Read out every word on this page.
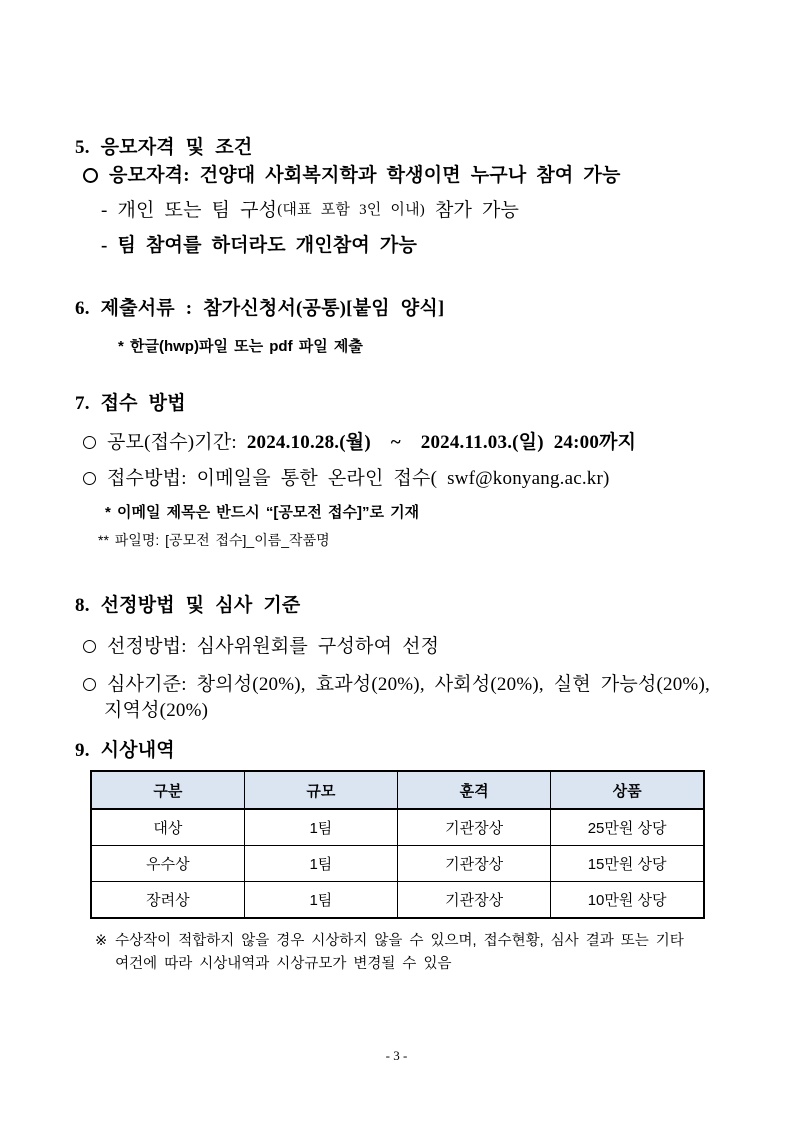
5. 응모자격 및 조건
응모자격: 건양대 사회복지학과 학생이면 누구나 참여 가능
- 개인 또는 팀 구성 (대표 포함 3인 이내) 참가 가능
- 팀 참여를 하더라도 개인참여 가능
6. 제출서류 : 참가신청서(공통)[붙임 양식]
* 한글(hwp)파일 또는 pdf 파일 제출
7. 접수 방법
공모(접수)기간: 2024.10.28.(월)  ~  2024.11.03.(일) 24:00까지
접수방법: 이메일을 통한 온라인 접수( swf@konyang.ac.kr)
* 이메일 제목은 반드시 “[공모전 접수]”로 기재
** 파일명: [공모전 접수]_이름_작품명
8. 선정방법 및 심사 기준
선정방법: 심사위원회를 구성하여 선정
심사기준: 창의성(20%), 효과성(20%), 사회성(20%), 실현 가능성(20%),
지역성(20%)
9. 시상내역
구분	규모	훈격	상품
대상	1팀	기관장상	25만원 상당
우수상	1팀	기관장상	15만원 상당
장려상	1팀	기관장상	10만원 상당
※ 수상작이 적합하지 않을 경우 시상하지 않을 수 있으며, 접수현황, 심사 결과 또는 기타
여건에 따라 시상내역과 시상규모가 변경될 수 있음
- 3 -
